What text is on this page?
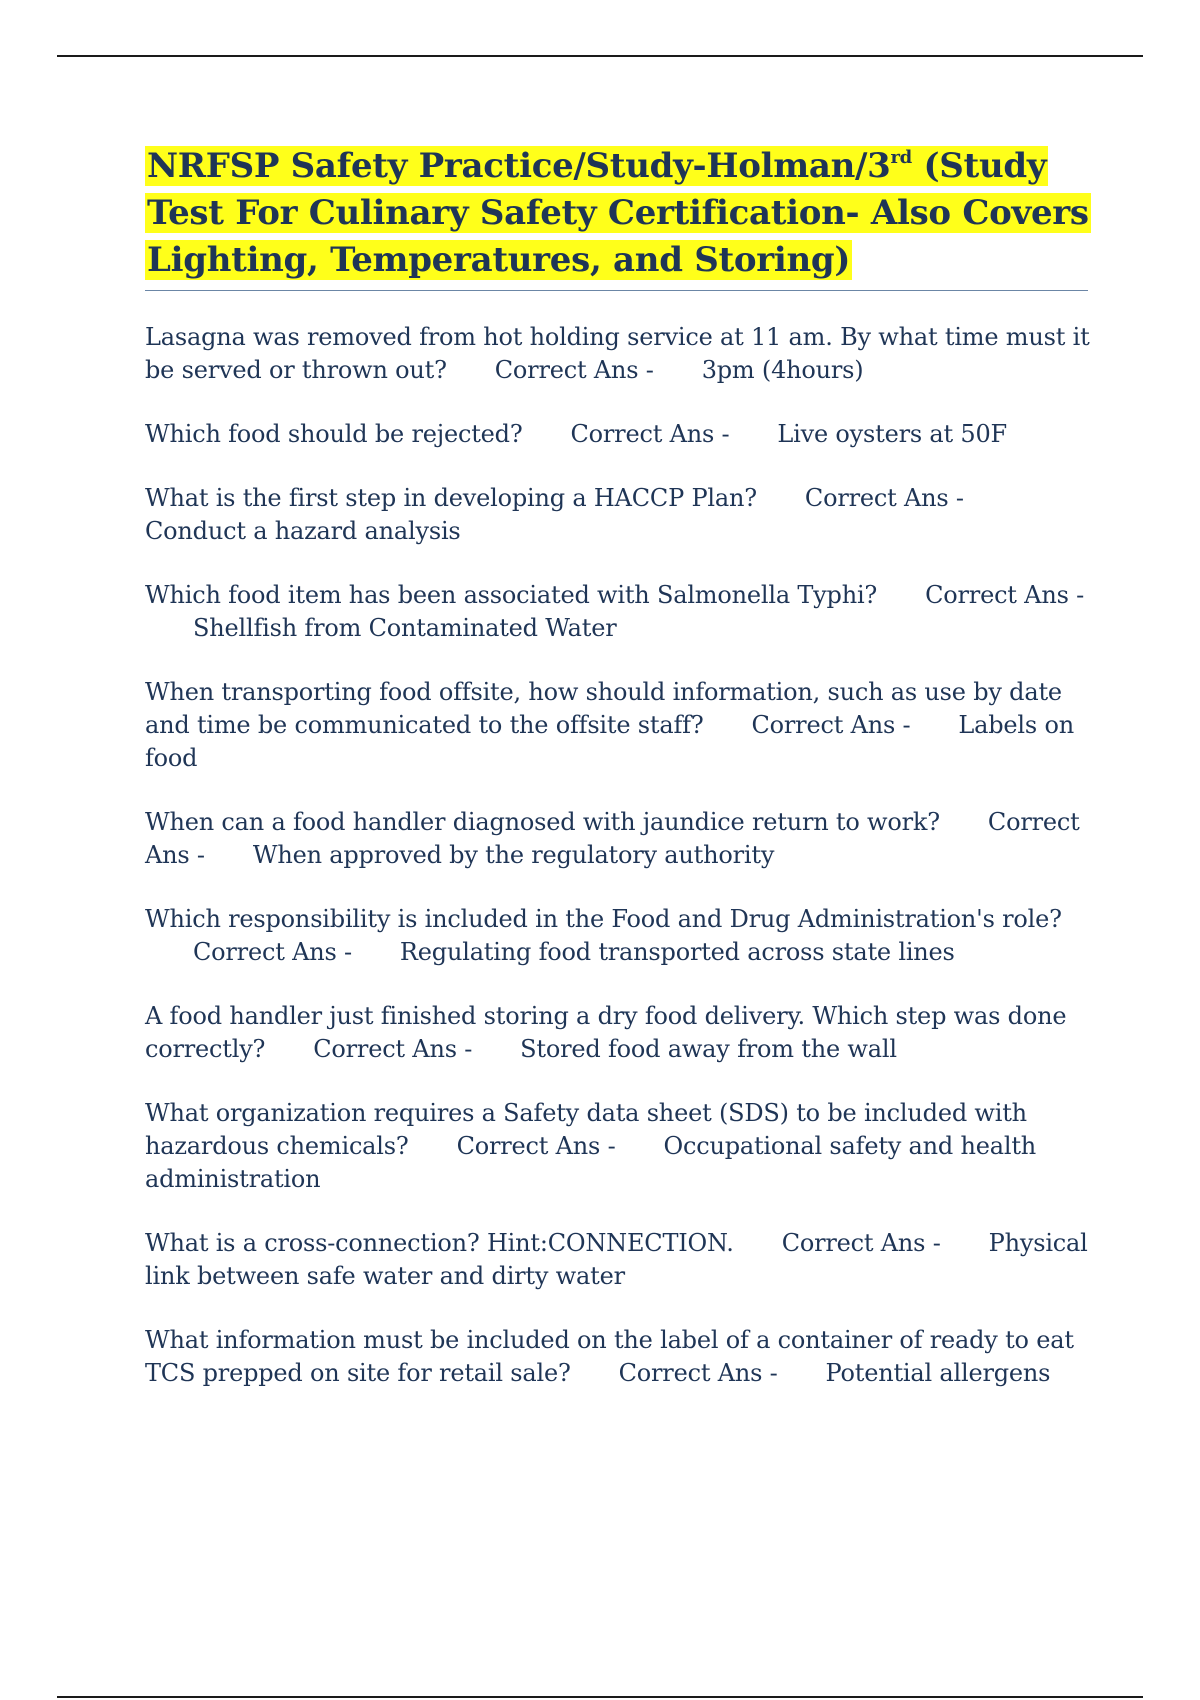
NRFSP Safety Practice/Study-Holman/3rd (Study Test For Culinary Safety Certification- Also Covers Lighting, Temperatures, and Storing)

Lasagna was removed from hot holding service at 11 am. By what time must it be served or thrown out? Correct Ans - 3pm (4hours)

Which food should be rejected? Correct Ans - Live oysters at 50F

What is the first step in developing a HACCP Plan? Correct Ans -Conduct a hazard analysis

Which food item has been associated with Salmonella Typhi? Correct Ans -Shellfish from Contaminated Water

When transporting food offsite, how should information, such as use by date and time be communicated to the offsite staff? Correct Ans - Labels on food

When can a food handler diagnosed with jaundice return to work? Correct Ans - When approved by the regulatory authority

Which responsibility is included in the Food and Drug Administration's role?Correct Ans - Regulating food transported across state lines

A food handler just finished storing a dry food delivery. Which step was done correctly? Correct Ans - Stored food away from the wall

What organization requires a Safety data sheet (SDS) to be included with hazardous chemicals? Correct Ans - Occupational safety and health administration

What is a cross-connection? Hint:CONNECTION. Correct Ans - Physical link between safe water and dirty water

What information must be included on the label of a container of ready to eat TCS prepped on site for retail sale? Correct Ans - Potential allergens
